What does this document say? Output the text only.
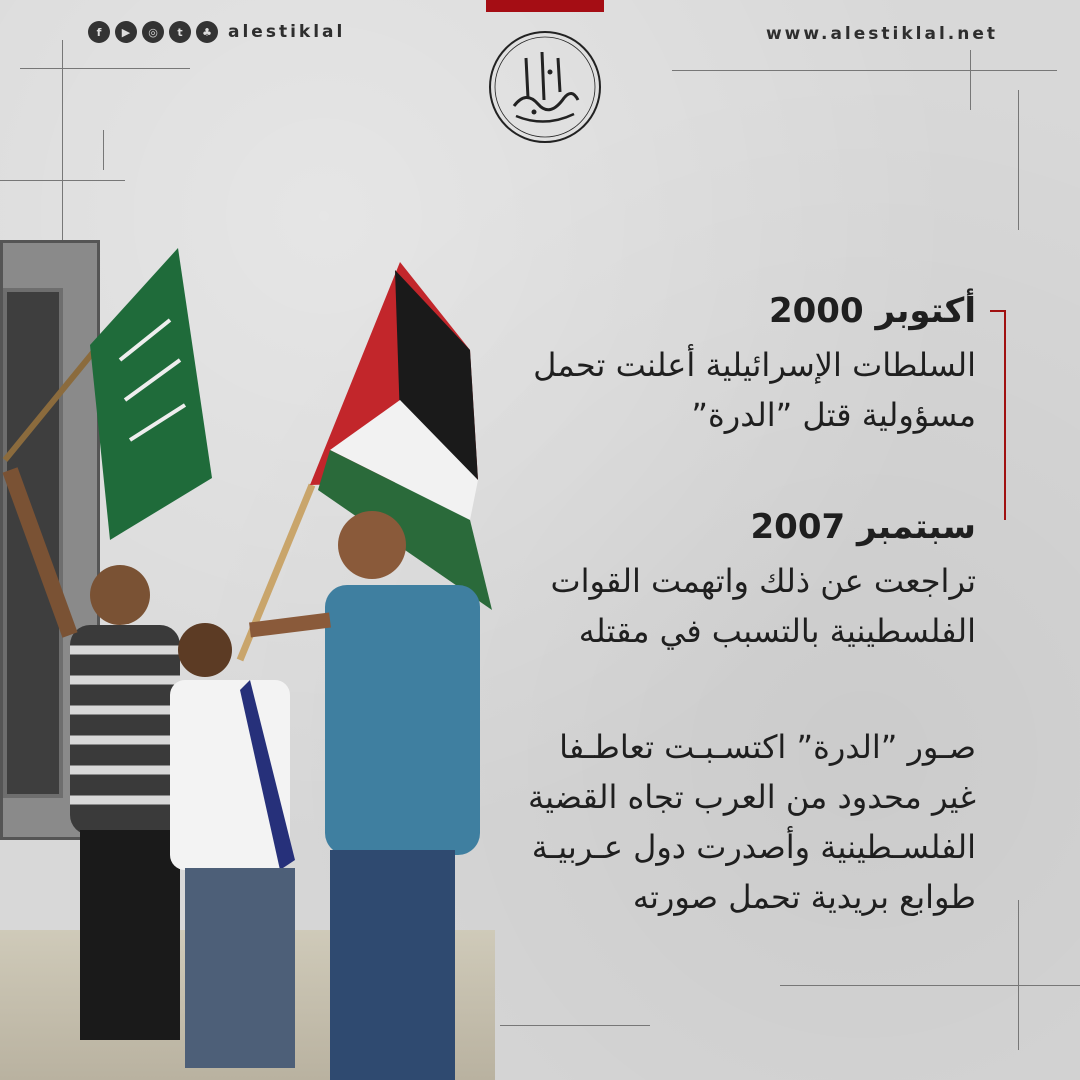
f	▶	◎	t	♣ alestiklal	www.alestiklal.net
أكتوبر 2000
السلطات الإسرائيلية أعلنت تحمل
مسؤولية قتل ”الدرة”
سبتمبر 2007
تراجعت عن ذلك واتهمت القوات
الفلسطينية بالتسبب في مقتله
صـور ”الدرة” اكتسـبـت تعاطـفا
غير محدود من العرب تجاه القضية
الفلسـطينية وأصدرت دول عـربيـة
طوابع بريدية تحمل صورته
